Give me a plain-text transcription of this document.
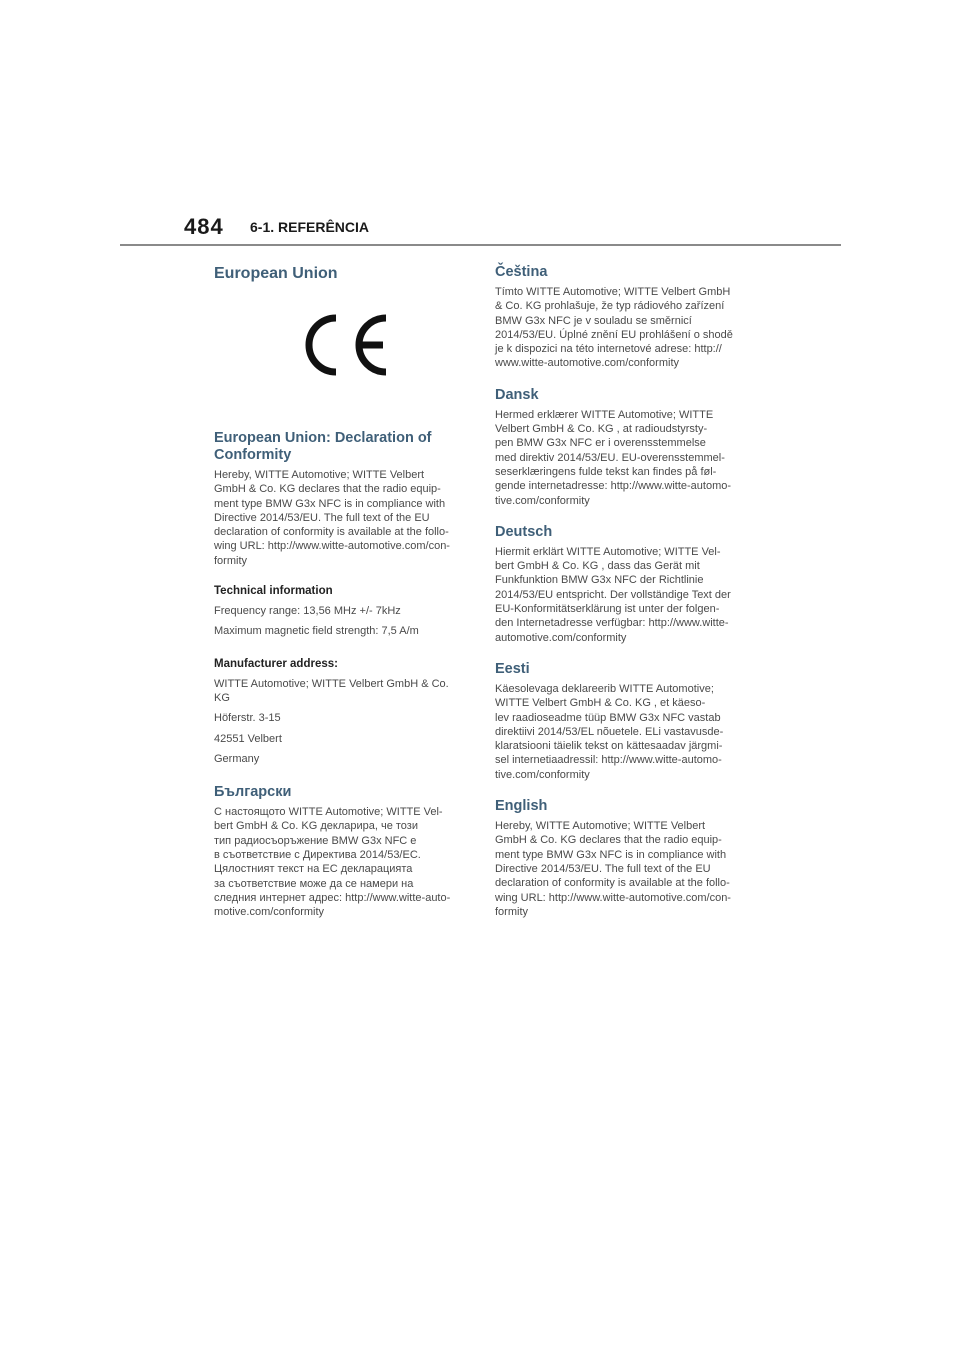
484 6-1. REFERÊNCIA
European Union
European Union: Declaration of
Conformity

Hereby, WITTE Automotive; WITTE Velbert
GmbH & Co. KG declares that the radio equip-
ment type BMW G3x NFC is in compliance with
Directive 2014/53/EU. The full text of the EU
declaration of conformity is available at the follo-
wing URL: http://www.witte-automotive.com/con-
formity

Technical information

Frequency range: 13,56 MHz +/- 7kHz

Maximum magnetic field strength: 7,5 A/m

Manufacturer address:

WITTE Automotive; WITTE Velbert GmbH & Co.
KG

Höferstr. 3-15

42551 Velbert

Germany

Български

С настоящото WITTE Automotive; WITTE Vel-
bert GmbH & Co. KG декларира, че този
тип радиосъоръжение BMW G3x NFC е
в съответствие с Директива 2014/53/ЕС.
Цялостният текст на ЕС декларацията
за съответствие може да се намери на
следния интернет адрес: http://www.witte-auto-
motive.com/conformity

Čeština

Tímto WITTE Automotive; WITTE Velbert GmbH
& Co. KG prohlašuje, že typ rádiového zařízení
BMW G3x NFC je v souladu se směrnicí
2014/53/EU. Úplné znění EU prohlášení o shodě
je k dispozici na této internetové adrese: http://
www.witte-automotive.com/conformity

Dansk

Hermed erklærer WITTE Automotive; WITTE
Velbert GmbH & Co. KG , at radioudstyrsty-
pen BMW G3x NFC er i overensstemmelse
med direktiv 2014/53/EU. EU-overensstemmel-
seserklæringens fulde tekst kan findes på føl-
gende internetadresse: http://www.witte-automo-
tive.com/conformity

Deutsch

Hiermit erklärt WITTE Automotive; WITTE Vel-
bert GmbH & Co. KG , dass das Gerät mit
Funkfunktion BMW G3x NFC der Richtlinie
2014/53/EU entspricht. Der vollständige Text der
EU-Konformitätserklärung ist unter der folgen-
den Internetadresse verfügbar: http://www.witte-
automotive.com/conformity

Eesti

Käesolevaga deklareerib WITTE Automotive;
WITTE Velbert GmbH & Co. KG , et käeso-
lev raadioseadme tüüp BMW G3x NFC vastab
direktiivi 2014/53/EL nõuetele. ELi vastavusde-
klaratsiooni täielik tekst on kättesaadav järgmi-
sel internetiaadressil: http://www.witte-automo-
tive.com/conformity

English

Hereby, WITTE Automotive; WITTE Velbert
GmbH & Co. KG declares that the radio equip-
ment type BMW G3x NFC is in compliance with
Directive 2014/53/EU. The full text of the EU
declaration of conformity is available at the follo-
wing URL: http://www.witte-automotive.com/con-
formity
